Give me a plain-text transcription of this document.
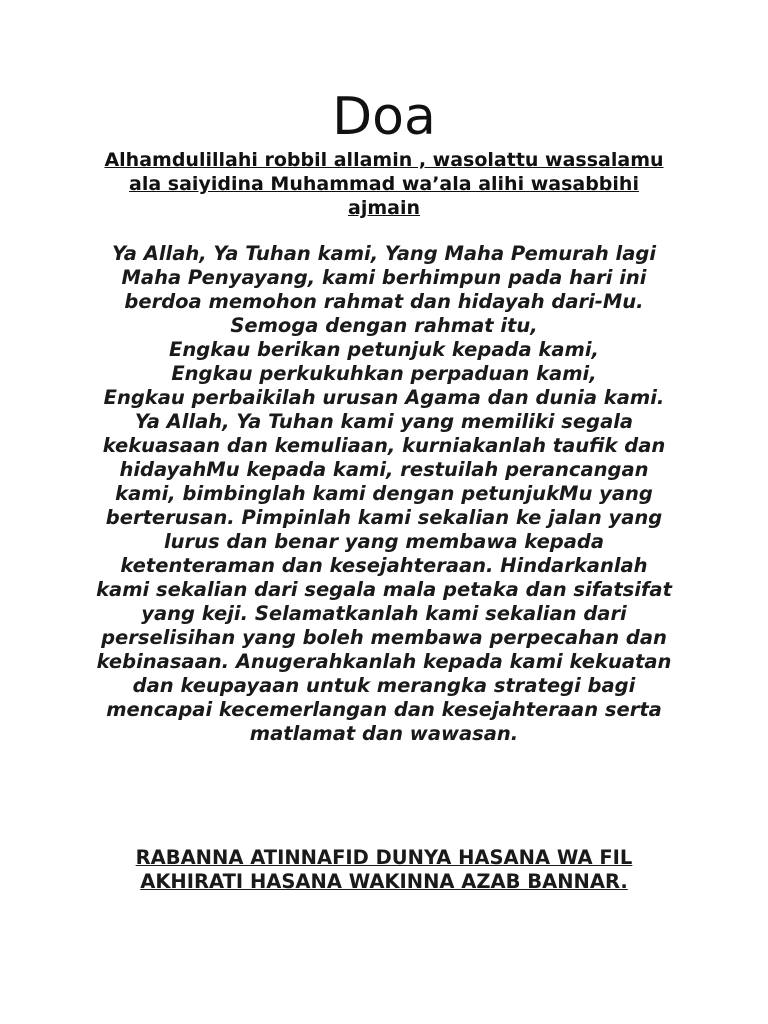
Doa
Alhamdulillahi robbil allamin , wasolattu wassalamu ala saiyidina Muhammad wa’ala alihi wasabbihi ajmain

Ya Allah, Ya Tuhan kami, Yang Maha Pemurah lagi Maha Penyayang, kami berhimpun pada hari ini berdoa memohon rahmat dan hidayah dari-Mu.

Semoga dengan rahmat itu,

Engkau berikan petunjuk kepada kami,

Engkau perkukuhkan perpaduan kami,

Engkau perbaikilah urusan Agama dan dunia kami.

Ya Allah, Ya Tuhan kami yang memiliki segala kekuasaan dan kemuliaan, kurniakanlah taufik dan hidayahMu kepada kami, restuilah perancangan kami, bimbinglah kami dengan petunjukMu yang berterusan. Pimpinlah kami sekalian ke jalan yang lurus dan benar yang membawa kepada ketenteraman dan kesejahteraan. Hindarkanlah kami sekalian dari segala mala petaka dan sifatsifat yang keji. Selamatkanlah kami sekalian dari perselisihan yang boleh membawa perpecahan dan kebinasaan. Anugerahkanlah kepada kami kekuatan dan keupayaan untuk merangka strategi bagi mencapai kecemerlangan dan kesejahteraan serta matlamat dan wawasan.

RABANNA ATINNAFID DUNYA HASANA WA FIL AKHIRATI HASANA WAKINNA AZAB BANNAR.
